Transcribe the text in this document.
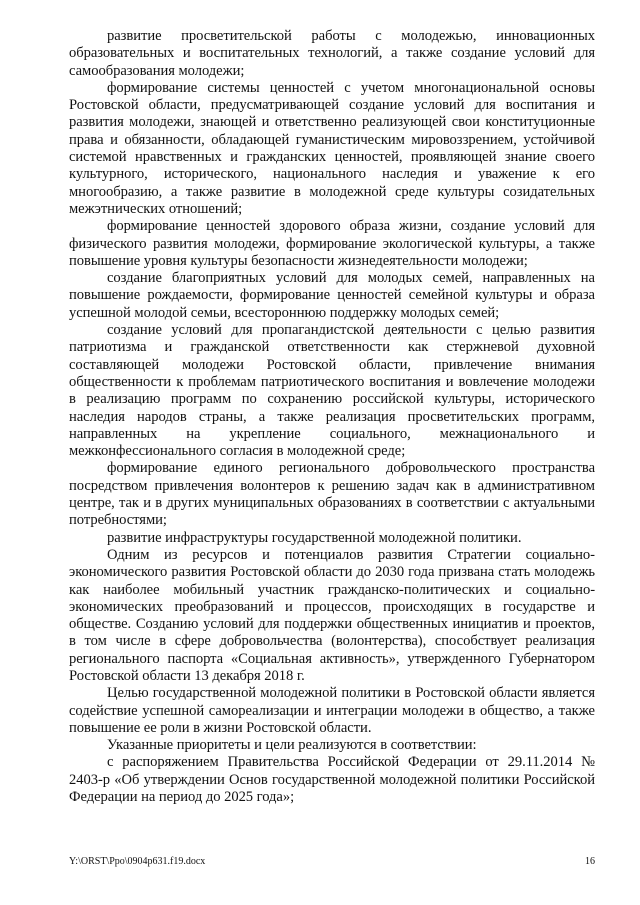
развитие просветительской работы с молодежью, инновационных образовательных и воспитательных технологий, а также создание условий для самообразования молодежи;

формирование системы ценностей с учетом многонациональной основы Ростовской области, предусматривающей создание условий для воспитания и развития молодежи, знающей и ответственно реализующей свои конституционные права и обязанности, обладающей гуманистическим мировоззрением, устойчивой системой нравственных и гражданских ценностей, проявляющей знание своего культурного, исторического, национального наследия и уважение к его многообразию, а также развитие в молодежной среде культуры созидательных межэтнических отношений;

формирование ценностей здорового образа жизни, создание условий для физического развития молодежи, формирование экологической культуры, а также повышение уровня культуры безопасности жизнедеятельности молодежи;

создание благоприятных условий для молодых семей, направленных на повышение рождаемости, формирование ценностей семейной культуры и образа успешной молодой семьи, всестороннюю поддержку молодых семей;

создание условий для пропагандистской деятельности с целью развития патриотизма и гражданской ответственности как стержневой духовной составляющей молодежи Ростовской области, привлечение внимания общественности к проблемам патриотического воспитания и вовлечение молодежи в реализацию программ по сохранению российской культуры, исторического наследия народов страны, а также реализация просветительских программ, направленных на укрепление социального, межнационального и межконфессионального согласия в молодежной среде;

формирование единого регионального добровольческого пространства посредством привлечения волонтеров к решению задач как в административном центре, так и в других муниципальных образованиях в соответствии с актуальными потребностями;

развитие инфраструктуры государственной молодежной политики.

Одним из ресурсов и потенциалов развития Стратегии социально-экономического развития Ростовской области до 2030 года призвана стать молодежь как наиболее мобильный участник гражданско-политических и социально-экономических преобразований и процессов, происходящих в государстве и обществе. Созданию условий для поддержки общественных инициатив и проектов, в том числе в сфере добровольчества (волонтерства), способствует реализация регионального паспорта «Социальная активность», утвержденного Губернатором Ростовской области 13 декабря 2018 г.

Целью государственной молодежной политики в Ростовской области является содействие успешной самореализации и интеграции молодежи в общество, а также повышение ее роли в жизни Ростовской области.

Указанные приоритеты и цели реализуются в соответствии:

с распоряжением Правительства Российской Федерации от 29.11.2014 № 2403-р «Об утверждении Основ государственной молодежной политики Российской Федерации на период до 2025 года»;

Y:\ORST\Ppo\0904p631.f19.docx	16
